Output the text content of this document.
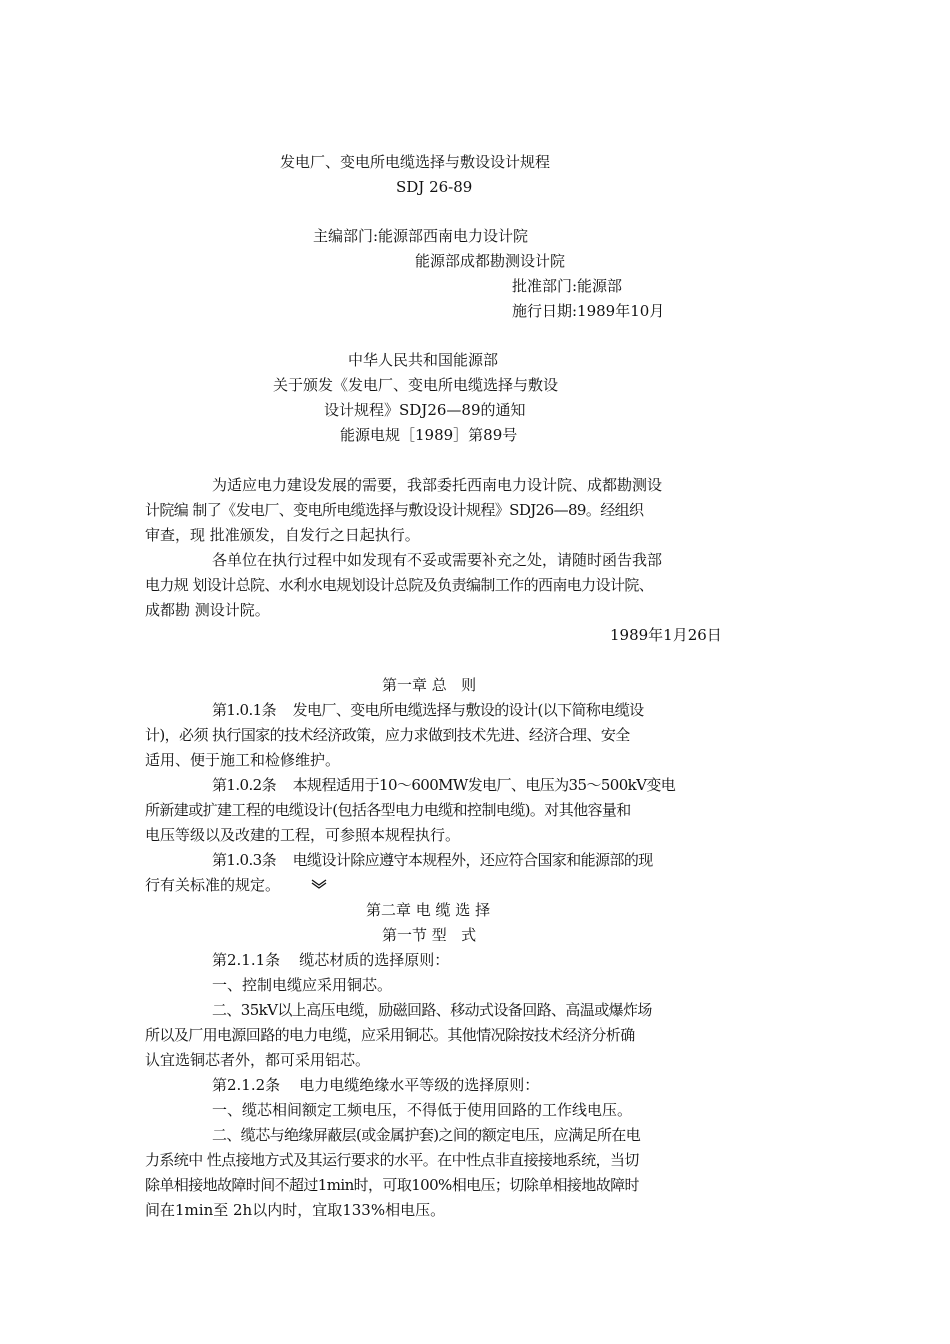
发电厂、变电所电缆选择与敷设设计规程
SDJ 26-89
主编部门:能源部西南电力设计院
能源部成都勘测设计院
批准部门:能源部
施行日期:1989年10月
中华人民共和国能源部
关于颁发《发电厂、变电所电缆选择与敷设
设计规程》SDJ26—89的通知
能源电规［1989］第89号
为适应电力建设发展的需要，我部委托西南电力设计院、成都勘测设
计院编 制了《发电厂、变电所电缆选择与敷设设计规程》SDJ26—89。经组织
审查，现 批准颁发，自发行之日起执行。
各单位在执行过程中如发现有不妥或需要补充之处，请随时函告我部
电力规 划设计总院、水利水电规划设计总院及负责编制工作的西南电力设计院、
成都勘 测设计院。
1989年1月26日
第一章 总   则
第1.0.1条    发电厂、变电所电缆选择与敷设的设计(以下简称电缆设
计)，必须 执行国家的技术经济政策，应力求做到技术先进、经济合理、安全
适用、便于施工和检修维护。
第1.0.2条    本规程适用于10～600MW发电厂、电压为35～500kV变电
所新建或扩建工程的电缆设计(包括各型电力电缆和控制电缆)。对其他容量和
电压等级以及改建的工程，可参照本规程执行。
第1.0.3条    电缆设计除应遵守本规程外，还应符合国家和能源部的现
行有关标准的规定。
第二章 电 缆 选 择
第一节 型   式
第2.1.1条    缆芯材质的选择原则：
一、控制电缆应采用铜芯。
二、35kV以上高压电缆，励磁回路、移动式设备回路、高温或爆炸场
所以及厂用电源回路的电力电缆，应采用铜芯。其他情况除按技术经济分析确
认宜选铜芯者外，都可采用铝芯。
第2.1.2条    电力电缆绝缘水平等级的选择原则：
一、缆芯相间额定工频电压，不得低于使用回路的工作线电压。
二、缆芯与绝缘屏蔽层(或金属护套)之间的额定电压，应满足所在电
力系统中 性点接地方式及其运行要求的水平。在中性点非直接接地系统，当切
除单相接地故障时间不超过1min时，可取100%相电压；切除单相接地故障时
间在1min至 2h以内时，宜取133%相电压。
